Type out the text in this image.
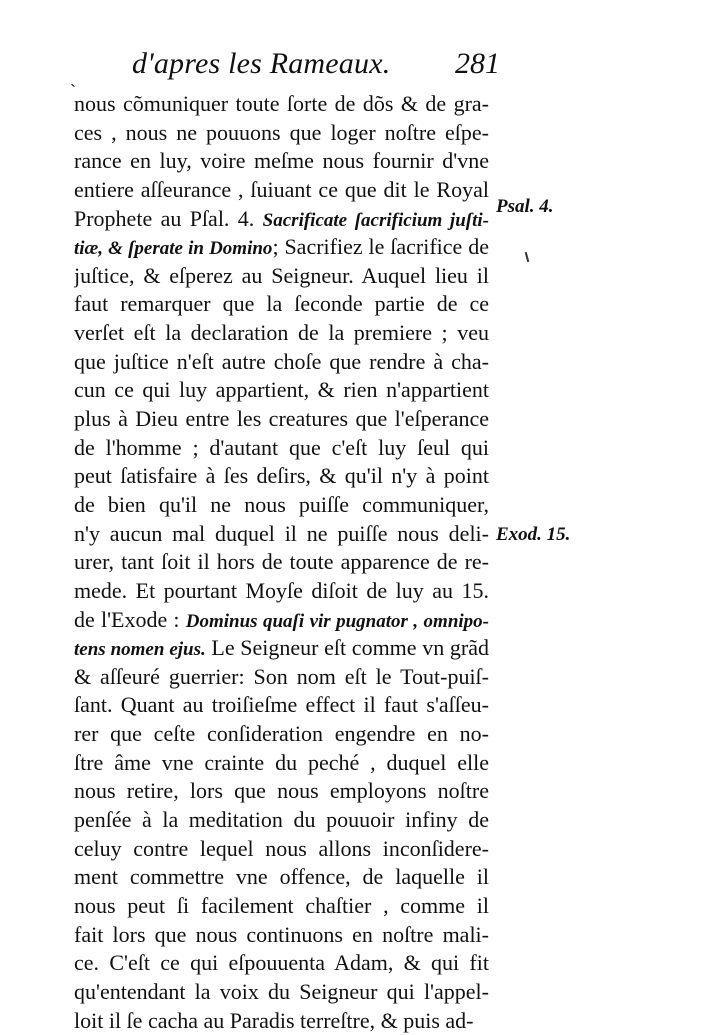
ˎ d'apres les Rameaux. 281
nous cõmuniquer toute ſorte de dõs & de gra-
ces , nous ne pouuons que loger noſtre eſpe-
rance en luy, voire meſme nous fournir d'vne
entiere aſſeurance , ſuiuant ce que dit le Royal
Prophete au Pſal. 4. Sacrificate ſacrificium juſti-
tiæ, & ſperate in Domino; Sacrifiez le ſacrifice de
juſtice, & eſperez au Seigneur. Auquel lieu il
faut remarquer que la ſeconde partie de ce
verſet eſt la declaration de la premiere ; veu
que juſtice n'eſt autre choſe que rendre à cha-
cun ce qui luy appartient, & rien n'appartient
plus à Dieu entre les creatures que l'eſperance
de l'homme ; d'autant que c'eſt luy ſeul qui
peut ſatisfaire à ſes deſirs, & qu'il n'y à point
de bien qu'il ne nous puiſſe communiquer,
n'y aucun mal duquel il ne puiſſe nous deli-
urer, tant ſoit il hors de toute apparence de re-
mede. Et pourtant Moyſe diſoit de luy au 15.
de l'Exode : Dominus quaſi vir pugnator , omnipo-
tens nomen ejus. Le Seigneur eſt comme vn grãd
& aſſeuré guerrier: Son nom eſt le Tout-puiſ-
ſant. Quant au troiſieſme effect il faut s'aſſeu-
rer que ceſte conſideration engendre en no-
ſtre âme vne crainte du peché , duquel elle
nous retire, lors que nous employons noſtre
penſée à la meditation du pouuoir infiny de
celuy contre lequel nous allons inconſidere-
ment commettre vne offence, de laquelle il
nous peut ſi facilement chaſtier , comme il
fait lors que nous continuons en noſtre mali-
ce. C'eſt ce qui eſpouuenta Adam, & qui fit
qu'entendant la voix du Seigneur qui l'appel-
loit il ſe cacha au Paradis terreſtre, & puis ad-
Psal. 4.
Exod. 15.
